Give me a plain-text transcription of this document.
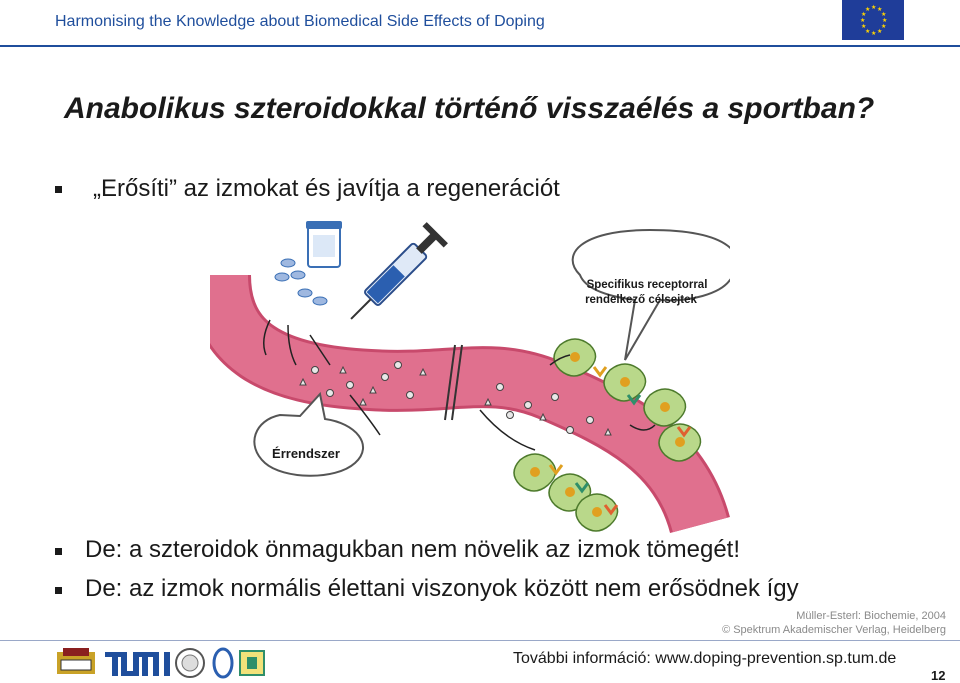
Harmonising the Knowledge about Biomedical Side Effects of Doping
★ ★
★
★
★
★
★
★
★
★
★
★
Anabolikus szteroidokkal történő visszaélés a sportban?
„Erősíti” az izmokat és javítja a regenerációt
Specifikus receptorral
rendelkező célsejtek
Érrendszer
De: a szteroidok önmagukban nem növelik az izmok tömegét!
De: az izmok normális élettani viszonyok között nem erősödnek így
Müller-Esterl: Biochemie, 2004
© Spektrum Akademischer Verlag, Heidelberg
További információ: www.doping-prevention.sp.tum.de
12
